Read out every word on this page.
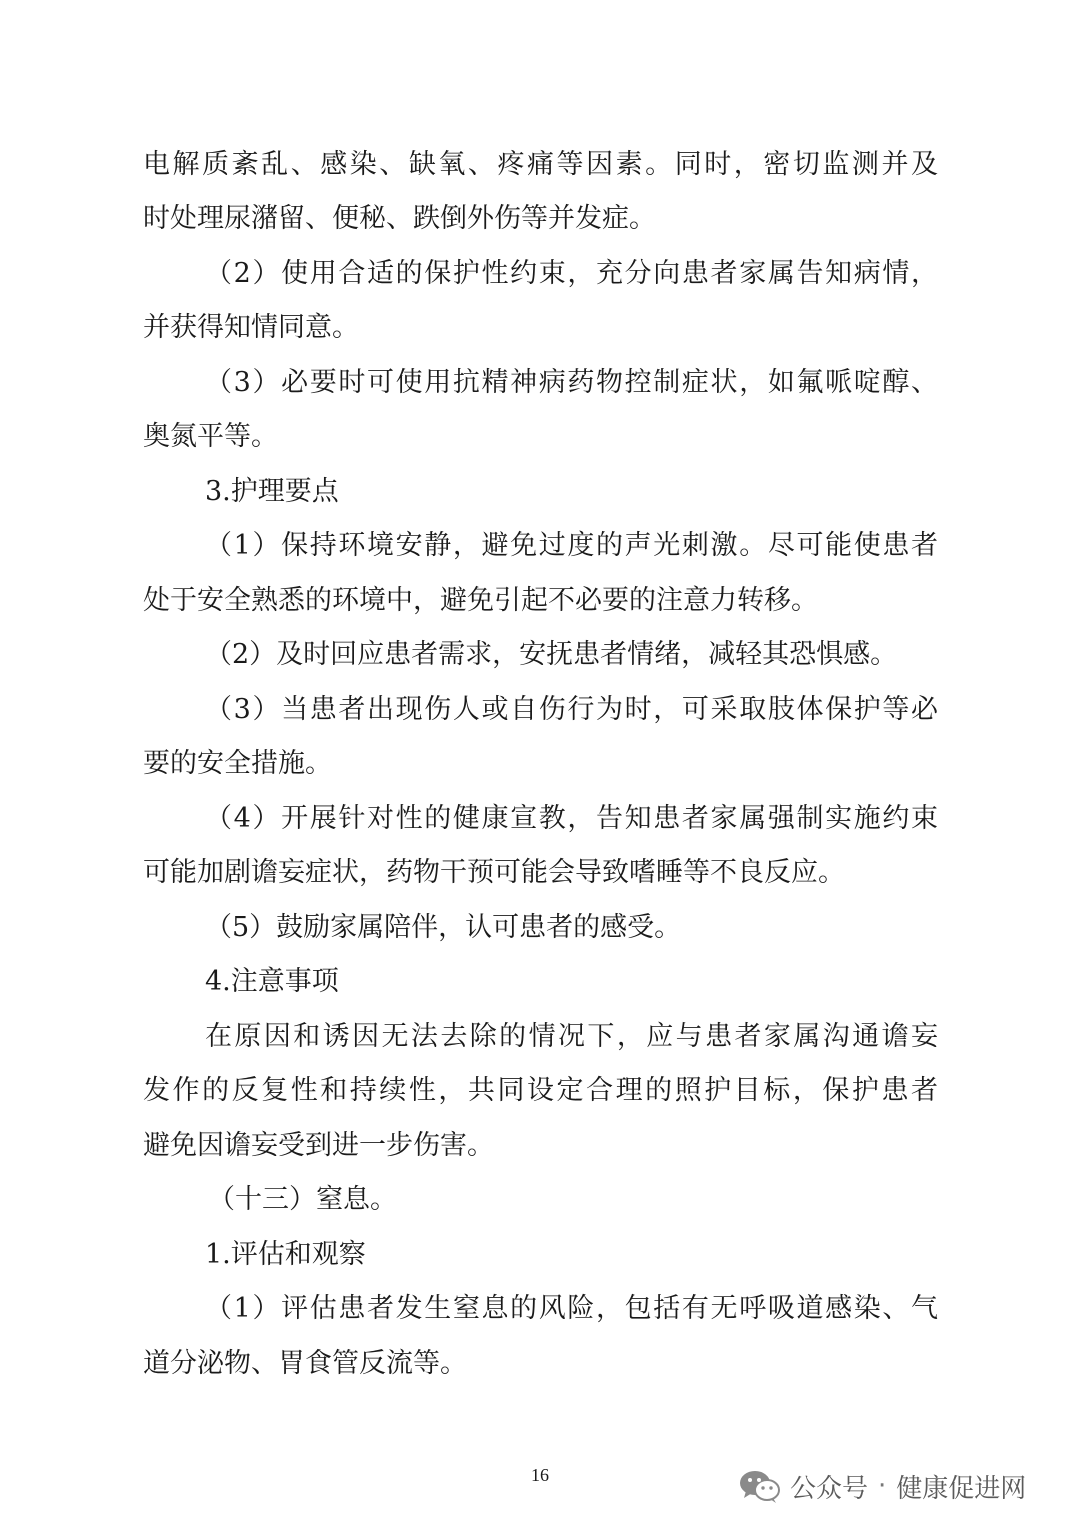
电解质紊乱、感染、缺氧、疼痛等因素。同时，密切监测并及
时处理尿潴留、便秘、跌倒外伤等并发症。
（2）使用合适的保护性约束，充分向患者家属告知病情，
并获得知情同意。
（3）必要时可使用抗精神病药物控制症状，如氟哌啶醇、
奥氮平等。
3.护理要点
（1）保持环境安静，避免过度的声光刺激。尽可能使患者
处于安全熟悉的环境中，避免引起不必要的注意力转移。
（2）及时回应患者需求，安抚患者情绪，减轻其恐惧感。
（3）当患者出现伤人或自伤行为时，可采取肢体保护等必
要的安全措施。
（4）开展针对性的健康宣教，告知患者家属强制实施约束
可能加剧谵妄症状，药物干预可能会导致嗜睡等不良反应。
（5）鼓励家属陪伴，认可患者的感受。
4.注意事项
在原因和诱因无法去除的情况下，应与患者家属沟通谵妄
发作的反复性和持续性，共同设定合理的照护目标，保护患者
避免因谵妄受到进一步伤害。
（十三）窒息。
1.评估和观察
（1）评估患者发生窒息的风险，包括有无呼吸道感染、气
道分泌物、胃食管反流等。
16	公众号 · 健康促进网
